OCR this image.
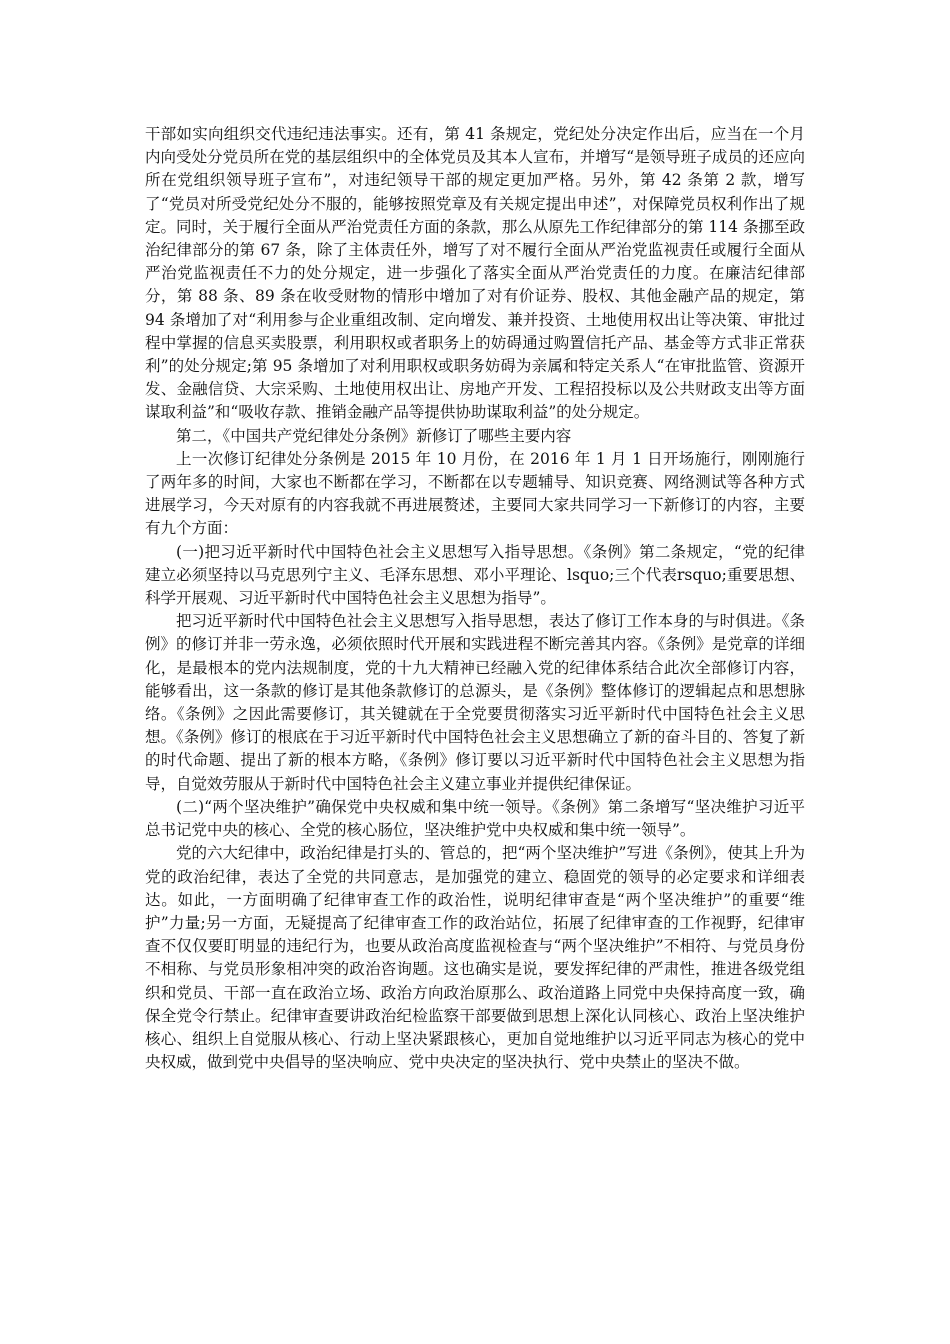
干部如实向组织交代违纪违法事实。还有，第 41 条规定，党纪处分决定作出后，应当在一个月内向受处分党员所在党的基层组织中的全体党员及其本人宣布，并增写“是领导班子成员的还应向所在党组织领导班子宣布”，对违纪领导干部的规定更加严格。另外，第 42 条第 2 款，增写了“党员对所受党纪处分不服的，能够按照党章及有关规定提出申述”，对保障党员权利作出了规定。同时，关于履行全面从严治党责任方面的条款，那么从原先工作纪律部分的第 114 条挪至政治纪律部分的第 67 条，除了主体责任外，增写了对不履行全面从严治党监视责任或履行全面从严治党监视责任不力的处分规定，进一步强化了落实全面从严治党责任的力度。在廉洁纪律部分，第 88 条、89 条在收受财物的情形中增加了对有价证券、股权、其他金融产品的规定，第 94 条增加了对“利用参与企业重组改制、定向增发、兼并投资、土地使用权出让等决策、审批过程中掌握的信息买卖股票，利用职权或者职务上的妨碍通过购置信托产品、基金等方式非正常获利”的处分规定;第 95 条增加了对利用职权或职务妨碍为亲属和特定关系人“在审批监管、资源开发、金融信贷、大宗采购、土地使用权出让、房地产开发、工程招投标以及公共财政支出等方面谋取利益”和“吸收存款、推销金融产品等提供协助谋取利益”的处分规定。

第二，《中国共产党纪律处分条例》新修订了哪些主要内容

上一次修订纪律处分条例是 2015 年 10 月份，在 2016 年 1 月 1 日开场施行，刚刚施行了两年多的时间，大家也不断都在学习，不断都在以专题辅导、知识竞赛、网络测试等各种方式进展学习，今天对原有的内容我就不再进展赘述，主要同大家共同学习一下新修订的内容，主要有九个方面：

(一)把习近平新时代中国特色社会主义思想写入指导思想。《条例》第二条规定，“党的纪律建立必须坚持以马克思列宁主义、毛泽东思想、邓小平理论、lsquo;三个代表rsquo;重要思想、科学开展观、习近平新时代中国特色社会主义思想为指导”。

把习近平新时代中国特色社会主义思想写入指导思想，表达了修订工作本身的与时俱进。《条例》的修订并非一劳永逸，必须依照时代开展和实践进程不断完善其内容。《条例》是党章的详细化，是最根本的党内法规制度，党的十九大精神已经融入党的纪律体系结合此次全部修订内容，能够看出，这一条款的修订是其他条款修订的总源头，是《条例》整体修订的逻辑起点和思想脉络。《条例》之因此需要修订，其关键就在于全党要贯彻落实习近平新时代中国特色社会主义思想。《条例》修订的根底在于习近平新时代中国特色社会主义思想确立了新的奋斗目的、答复了新的时代命题、提出了新的根本方略，《条例》修订要以习近平新时代中国特色社会主义思想为指导，自觉效劳服从于新时代中国特色社会主义建立事业并提供纪律保证。

(二)“两个坚决维护”确保党中央权威和集中统一领导。《条例》第二条增写“坚决维护习近平总书记党中央的核心、全党的核心肠位，坚决维护党中央权威和集中统一领导”。

党的六大纪律中，政治纪律是打头的、管总的，把“两个坚决维护”写进《条例》，使其上升为党的政治纪律，表达了全党的共同意志，是加强党的建立、稳固党的领导的必定要求和详细表达。如此，一方面明确了纪律审查工作的政治性，说明纪律审查是“两个坚决维护”的重要“维护”力量;另一方面，无疑提高了纪律审查工作的政治站位，拓展了纪律审查的工作视野，纪律审查不仅仅要盯明显的违纪行为，也要从政治高度监视检查与“两个坚决维护”不相符、与党员身份不相称、与党员形象相冲突的政治咨询题。这也确实是说，要发挥纪律的严肃性，推进各级党组织和党员、干部一直在政治立场、政治方向政治原那么、政治道路上同党中央保持高度一致，确保全党令行禁止。纪律审查要讲政治纪检监察干部要做到思想上深化认同核心、政治上坚决维护核心、组织上自觉服从核心、行动上坚决紧跟核心，更加自觉地维护以习近平同志为核心的党中央权威，做到党中央倡导的坚决响应、党中央决定的坚决执行、党中央禁止的坚决不做。
